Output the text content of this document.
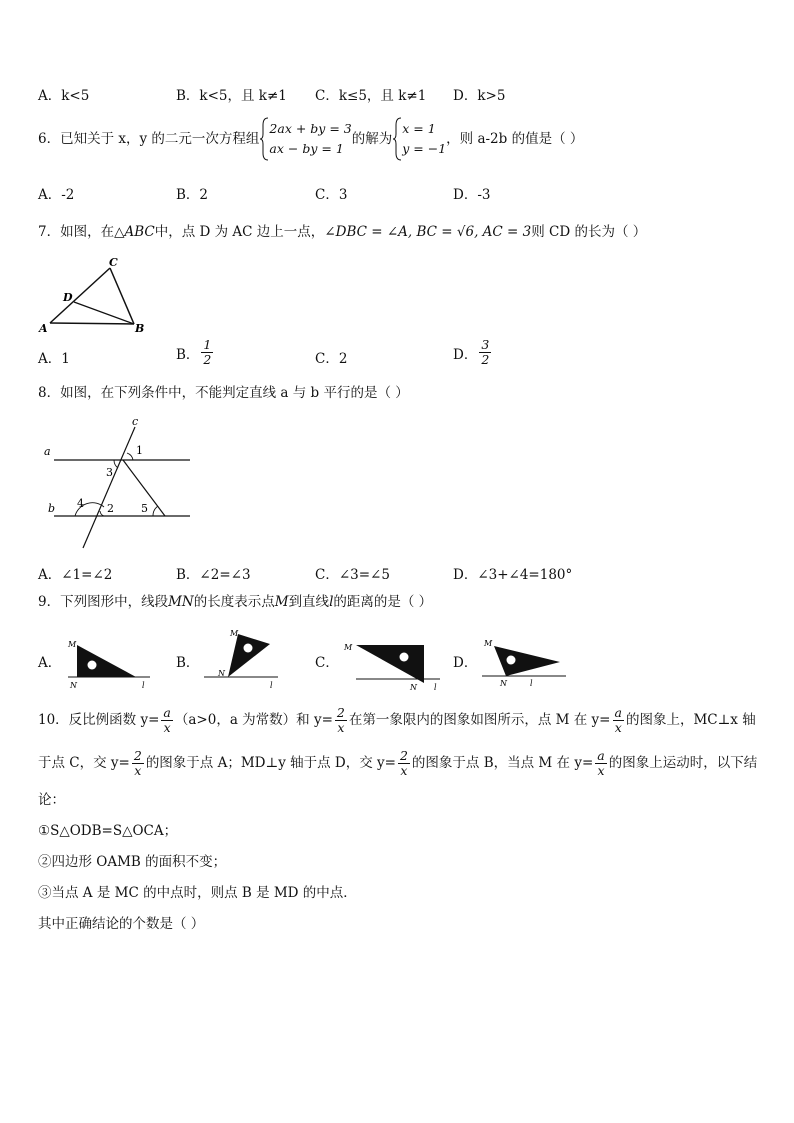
A．k<5	B．k<5，且 k≠1 C．k≤5，且 k≠1 D．k>5
6．已知关于 x，y 的二元一次方程组
2ax + by = 3
ax − by = 1
的解为
x = 1
y = −1
，则 a-2b 的值是（ ）
A．-2	B．2	C．3	D．-3
7．如图，在△ABC中，点 D 为 AC 边上一点，∠DBC = ∠A, BC = √6, AC = 3则 CD 的长为（ ）
C
D
A	B
A．1	B． $\frac{1}{2}$	C．2	D． $\frac{3}{2}$
8．如图，在下列条件中，不能判定直线 a 与 b 平行的是（ ）
c
a
b
1
3
4 2 5
A．∠1=∠2	B．∠2=∠3	C．∠3=∠5	D．∠3+∠4=180°
9．下列图形中，线段MN的长度表示点M到直线l的距离的是（ ）
A．
M
N	l
B．
M
N
l
C．
M
N l
D．
M
N	l
10．反比例函数 $y= \frac{a}{x} (a>0$，a 为常数）和 $y= \frac{2}{x}$ 在第一象限内的图象如图所示，点 M 在 $y= \frac{a}{x}$ 的图象上，MC⊥x 轴
于点 C，交 $y= \frac{2}{x}$ 的图象于点 A；MD⊥y 轴于点 D，交 $y= \frac{2}{x}$ 的图象于点 B，当点 M 在 $y= \frac{a}{x}$ 的图象上运动时，以下结
论：
①S△ODB=S△OCA；
②四边形 OAMB 的面积不变；
③当点 A 是 MC 的中点时，则点 B 是 MD 的中点．
其中正确结论的个数是（ ）
